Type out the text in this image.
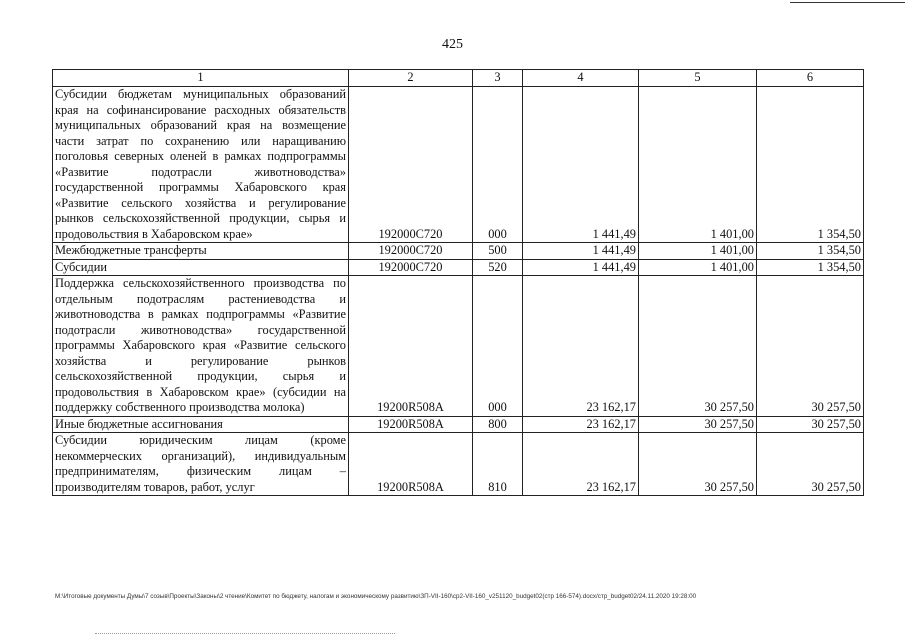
425
1	2	3	4	5	6
Субсидии бюджетам муниципальных образований края на софинансирование расходных обязательств муниципальных образований края на возмещение части затрат по сохранению или наращиванию поголовья северных оленей в рамках подпрограммы «Развитие подотрасли животноводства» государственной программы Хабаровского края «Развитие сельского хозяйства и регулирование рынков сельскохозяйственной продукции, сырья и продовольствия в Хабаровском крае»	192000С720	000	1 441,49	1 401,00	1 354,50
Межбюджетные трансферты	192000С720	500	1 441,49	1 401,00	1 354,50
Субсидии	192000С720	520	1 441,49	1 401,00	1 354,50
Поддержка сельскохозяйственного производства по отдельным подотраслям растениеводства и животноводства в рамках подпрограммы «Развитие подотрасли животноводства» государственной программы Хабаровского края «Развитие сельского хозяйства и регулирование рынков сельскохозяйственной продукции, сырья и продовольствия в Хабаровском крае» (субсидии на поддержку собственного производства молока)	19200R508A	000	23 162,17	30 257,50	30 257,50
Иные бюджетные ассигнования	19200R508A	800	23 162,17	30 257,50	30 257,50
Субсидии юридическим лицам (кроме некоммерческих организаций), индивидуальным предпринимателям, физическим лицам – производителям товаров, работ, услуг	19200R508A	810	23 162,17	30 257,50	30 257,50
M:\Итоговые документы Думы\7 созыв\Проекты\Законы\2 чтение\Комитет по бюджету, налогам и экономическому развитию\ЗП-VII-160\ср2-VII-160_v251120_budget02(стр 166-574).docx/стр_budget02/24.11.2020 19:28:00
